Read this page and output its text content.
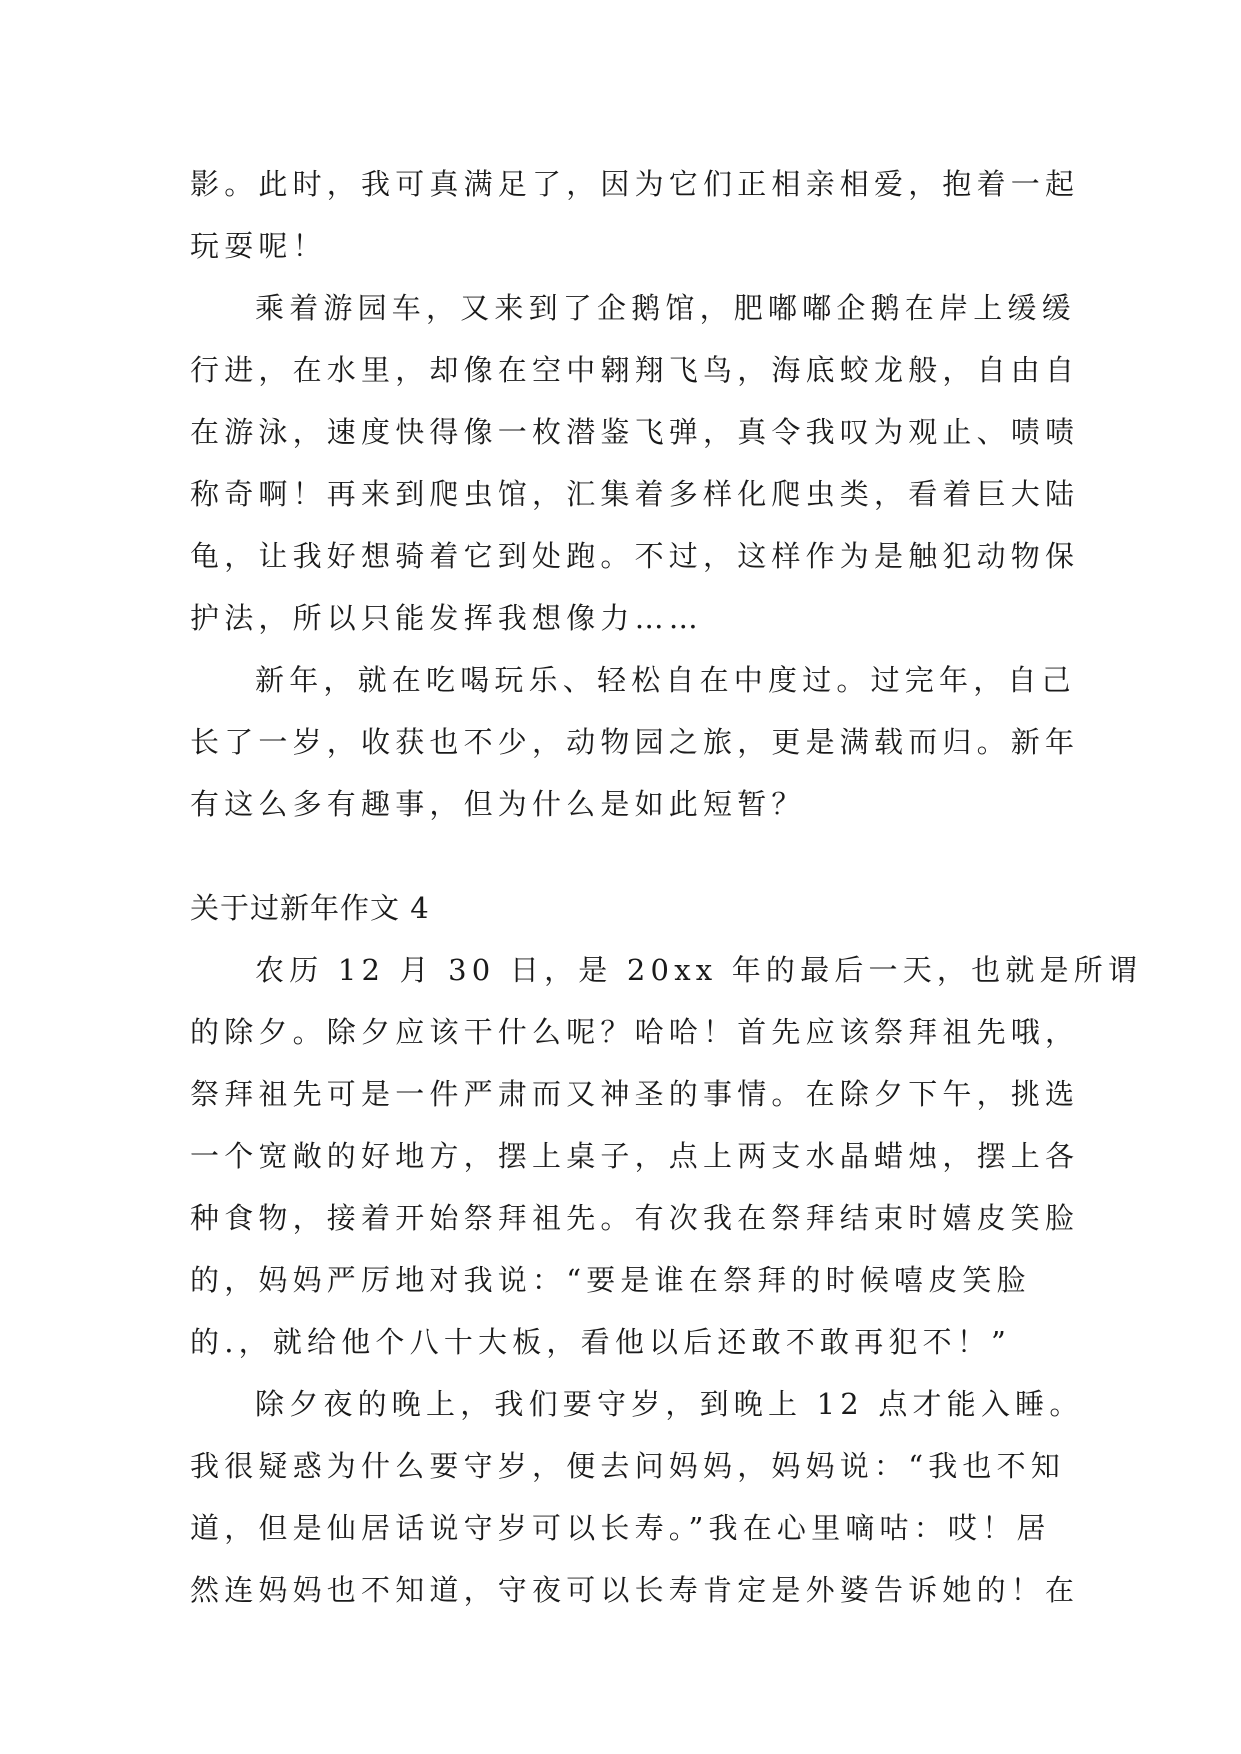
影。此时，我可真满足了，因为它们正相亲相爱，抱着一起
玩耍呢！
乘着游园车，又来到了企鹅馆，肥嘟嘟企鹅在岸上缓缓
行进，在水里，却像在空中翱翔飞鸟，海底蛟龙般，自由自
在游泳，速度快得像一枚潜鉴飞弹，真令我叹为观止、啧啧
称奇啊！再来到爬虫馆，汇集着多样化爬虫类，看着巨大陆
龟，让我好想骑着它到处跑。不过，这样作为是触犯动物保
护法，所以只能发挥我想像力……
新年，就在吃喝玩乐、轻松自在中度过。过完年，自己
长了一岁，收获也不少，动物园之旅，更是满载而归。新年
有这么多有趣事，但为什么是如此短暂？
关于过新年作文 4
农历 12 月 30 日，是 20xx 年的最后一天，也就是所谓
的除夕。除夕应该干什么呢？哈哈！首先应该祭拜祖先哦，
祭拜祖先可是一件严肃而又神圣的事情。在除夕下午，挑选
一个宽敞的好地方，摆上桌子，点上两支水晶蜡烛，摆上各
种食物，接着开始祭拜祖先。有次我在祭拜结束时嬉皮笑脸
的，妈妈严厉地对我说：“要是谁在祭拜的时候嘻皮笑脸
的.，就给他个八十大板，看他以后还敢不敢再犯不！”
除夕夜的晚上，我们要守岁，到晚上 12 点才能入睡。
我很疑惑为什么要守岁，便去问妈妈，妈妈说：“我也不知
道，但是仙居话说守岁可以长寿。”我在心里嘀咕：哎！居
然连妈妈也不知道，守夜可以长寿肯定是外婆告诉她的！在
